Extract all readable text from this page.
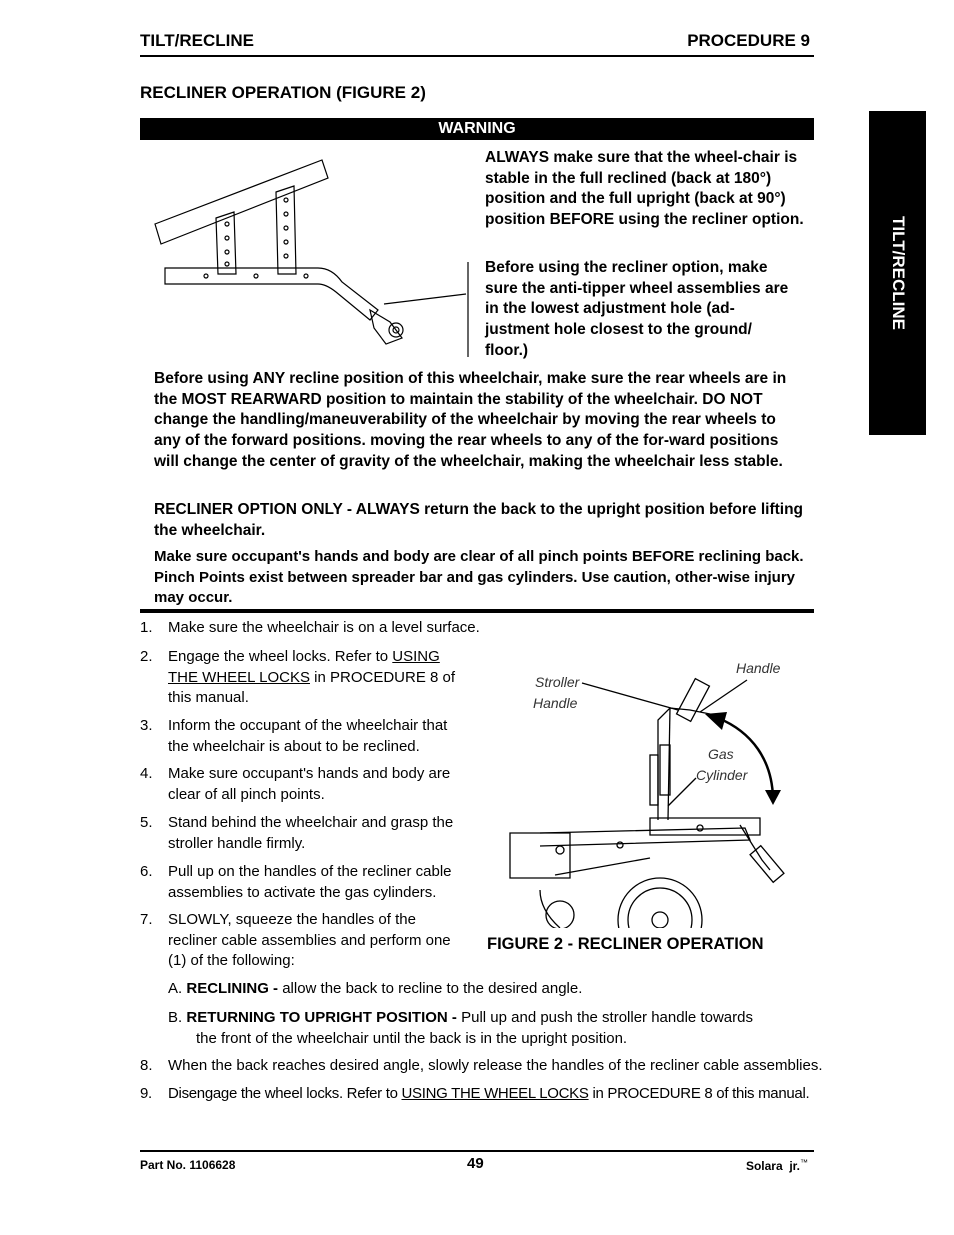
TILT/RECLINE	PROCEDURE 9
RECLINER OPERATION (FIGURE 2)
WARNING
ALWAYS make sure that the wheel-chair is stable in the full reclined (back at 180°) position and the full upright (back at 90°) position BEFORE using the recliner option.
Before using the recliner option, make sure the anti-tipper wheel assemblies are in the lowest adjustment hole (ad-justment hole closest to the ground/ floor.)
Before using ANY recline position of this wheelchair, make sure the rear wheels are in the MOST REARWARD position to maintain the stability of the wheelchair. DO NOT change the handling/maneuverability of the wheelchair by moving the rear wheels to any of the forward positions. moving the rear wheels to any of the for-ward positions will change the center of gravity of the wheelchair, making the wheelchair less stable.
RECLINER OPTION ONLY - ALWAYS return the back to the upright position before lifting the wheelchair.
Make sure occupant's hands and body are clear of all pinch points BEFORE reclining back. Pinch Points exist between spreader bar and gas cylinders. Use caution, other-wise injury may occur.
1. Make sure the wheelchair is on a level surface.
2. Engage the wheel locks. Refer to USING
THE WHEEL LOCKS in PROCEDURE 8 of
this manual.
3. Inform the occupant of the wheelchair that
the wheelchair is about to be reclined.
4. Make sure occupant's hands and body are
clear of all pinch points.
5. Stand behind the wheelchair and grasp the
stroller handle firmly.
6. Pull up on the handles of the recliner cable
assemblies to activate the gas cylinders.
7. SLOWLY, squeeze the handles of the
recliner cable assemblies and perform one
(1) of the following:
A. RECLINING - allow the back to recline to the desired angle.
B. RETURNING TO UPRIGHT POSITION - Pull up and push the stroller handle towards
the front of the wheelchair until the back is in the upright position.
8. When the back reaches desired angle, slowly release the handles of the recliner cable assemblies.
9. Disengage the wheel locks. Refer to USING THE WHEEL LOCKS in PROCEDURE 8 of this manual.
Stroller
Handle
Handle
Gas
Cylinder
FIGURE 2 - RECLINER OPERATION
TILT/RECLINE
Part No. 1106628	49	Solara  jr.™
